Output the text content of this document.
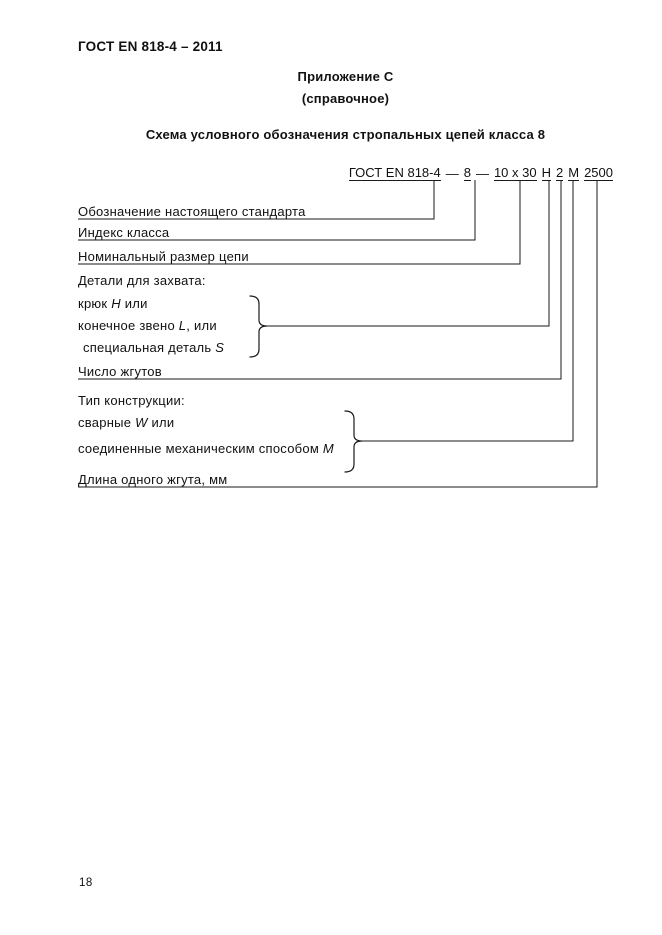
ГОСТ EN 818-4 – 2011
Приложение С
(справочное)
Схема условного обозначения стропальных цепей класса 8
ГОСТ EN 818-4 — 8 — 10 х 30 H 2 M 2500
Обозначение настоящего стандарта
Индекс класса
Номинальный размер цепи
Детали для захвата:
крюк H или
конечное звено L, или
специальная деталь S
Число жгутов
Тип конструкции:
сварные W или
соединенные механическим способом M
Длина одного жгута, мм
18
